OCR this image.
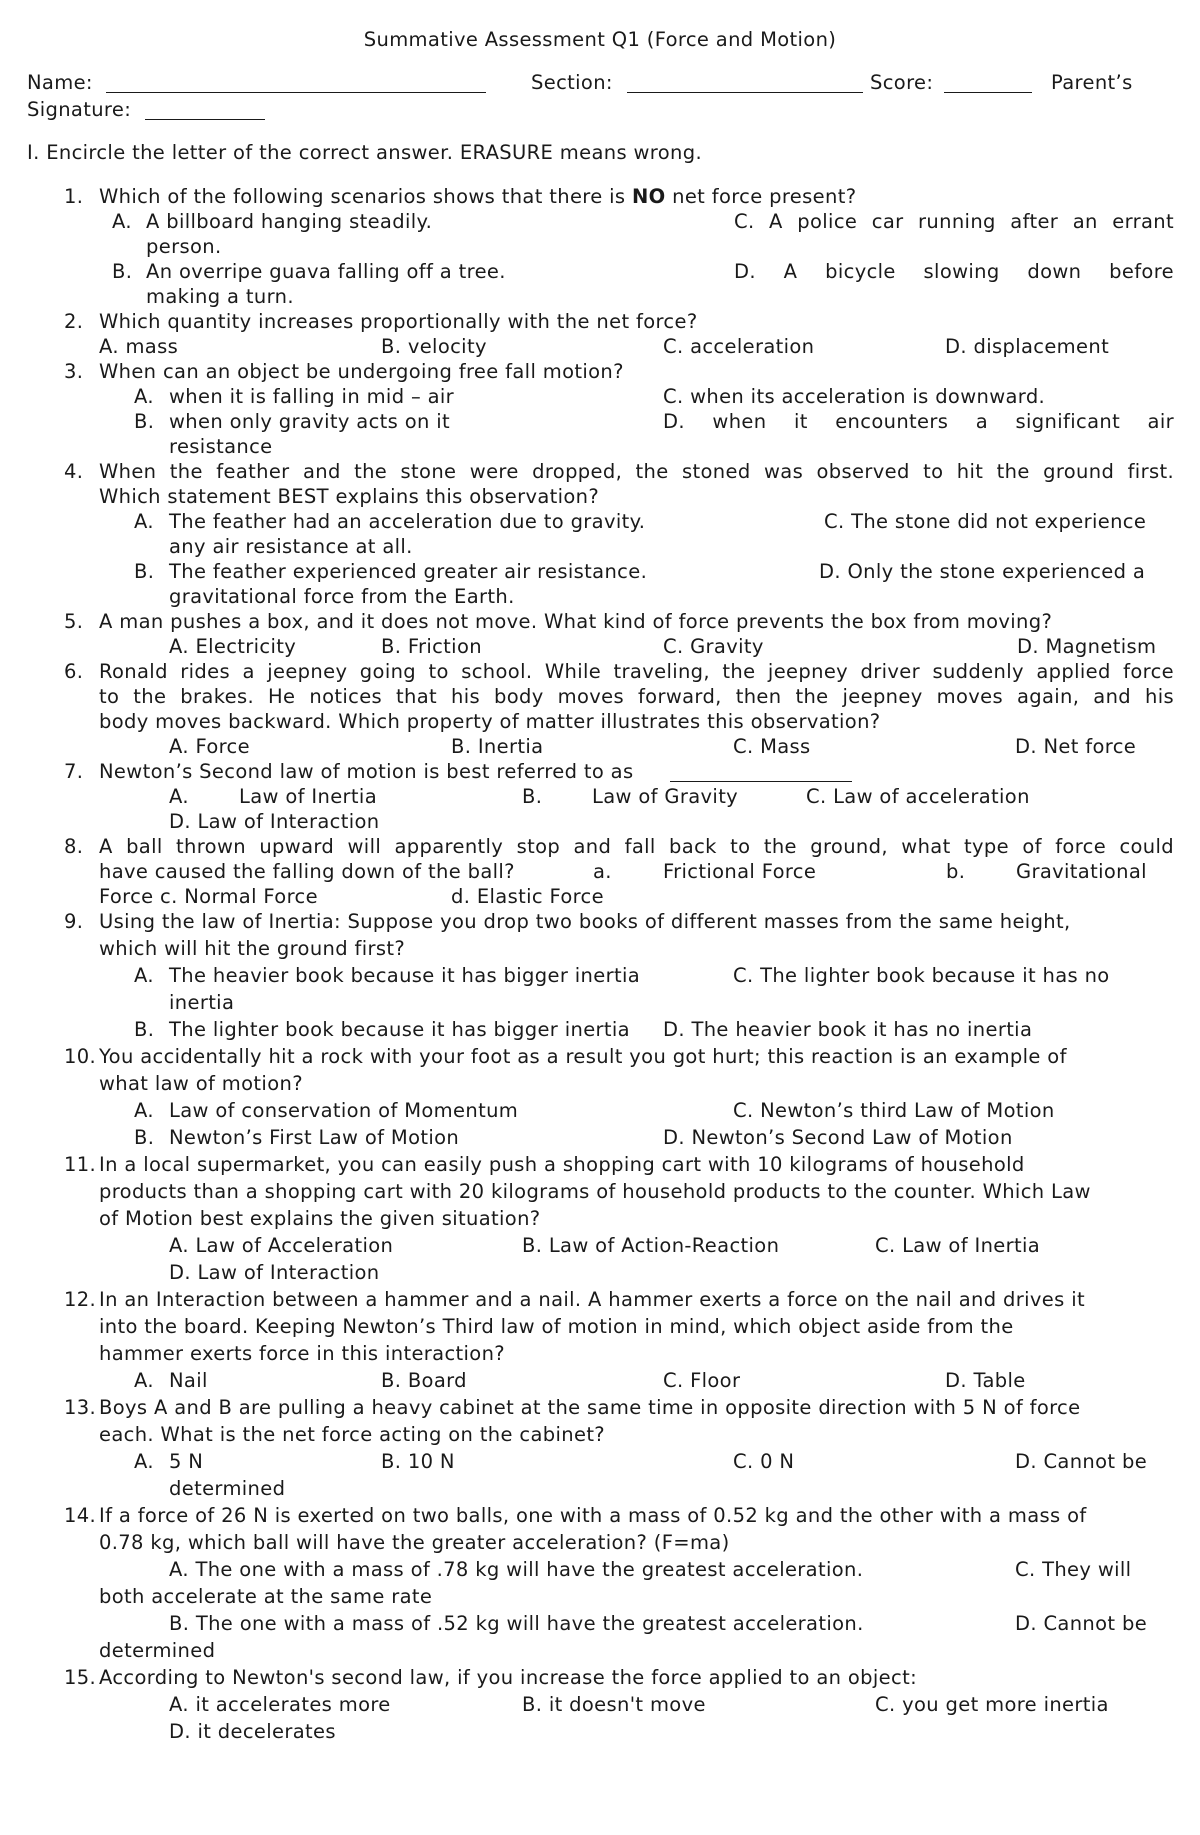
Summative Assessment Q1 (Force and Motion)
Name:	Section:	Score:	Parent’s
Signature:
I. Encircle the letter of the correct answer. ERASURE means wrong.
1. Which of the following scenarios shows that there is NO net force present?
A. A billboard hanging steadily.	C. A police car running after an errant
person.
B. An overripe guava falling off a tree.	D. A bicycle slowing down before
making a turn.
2. Which quantity increases proportionally with the net force?
A. mass	B. velocity	C. acceleration	D. displacement
3. When can an object be undergoing free fall motion?
A. when it is falling in mid – air	C. when its acceleration is downward.
B. when only gravity acts on it	D. when it encounters a significant air
resistance
4. When the feather and the stone were dropped, the stoned was observed to hit the ground first.
Which statement BEST explains this observation?
A. The feather had an acceleration due to gravity.	C. The stone did not experience
any air resistance at all.
B. The feather experienced greater air resistance.	D. Only the stone experienced a
gravitational force from the Earth.
5. A man pushes a box, and it does not move. What kind of force prevents the box from moving?
A. Electricity	B. Friction	C. Gravity	D. Magnetism
6. Ronald rides a jeepney going to school. While traveling, the jeepney driver suddenly applied force
to the brakes. He notices that his body moves forward, then the jeepney moves again, and his
body moves backward. Which property of matter illustrates this observation?
A. Force	B. Inertia	C. Mass	D. Net force
7. Newton’s Second law of motion is best referred to as
A.	Law of Inertia	B.	Law of Gravity	C. Law of acceleration
D. Law of Interaction
8. A ball thrown upward will apparently stop and fall back to the ground, what type of force could
have caused the falling down of the ball?	a.	Frictional Force	b.	Gravitational
Force c. Normal Force	d. Elastic Force
9. Using the law of Inertia: Suppose you drop two books of different masses from the same height,
which will hit the ground first?
A. The heavier book because it has bigger inertia	C. The lighter book because it has no
inertia
B. The lighter book because it has bigger inertia D. The heavier book it has no inertia
10. You accidentally hit a rock with your foot as a result you got hurt; this reaction is an example of
what law of motion?
A. Law of conservation of Momentum	C. Newton’s third Law of Motion
B. Newton’s First Law of Motion	D. Newton’s Second Law of Motion
11. In a local supermarket, you can easily push a shopping cart with 10 kilograms of household
products than a shopping cart with 20 kilograms of household products to the counter. Which Law
of Motion best explains the given situation?
A. Law of Acceleration	B. Law of Action-Reaction	C. Law of Inertia
D. Law of Interaction
12. In an Interaction between a hammer and a nail. A hammer exerts a force on the nail and drives it
into the board. Keeping Newton’s Third law of motion in mind, which object aside from the
hammer exerts force in this interaction?
A. Nail	B. Board	C. Floor	D. Table
13. Boys A and B are pulling a heavy cabinet at the same time in opposite direction with 5 N of force
each. What is the net force acting on the cabinet?
A. 5 N	B. 10 N	C. 0 N	D. Cannot be
determined
14. If a force of 26 N is exerted on two balls, one with a mass of 0.52 kg and the other with a mass of
0.78 kg, which ball will have the greater acceleration? (F=ma)
A. The one with a mass of .78 kg will have the greatest acceleration.	C. They will
both accelerate at the same rate
B. The one with a mass of .52 kg will have the greatest acceleration.	D. Cannot be
determined
15. According to Newton's second law, if you increase the force applied to an object:
A. it accelerates more	B. it doesn't move	C. you get more inertia
D. it decelerates
